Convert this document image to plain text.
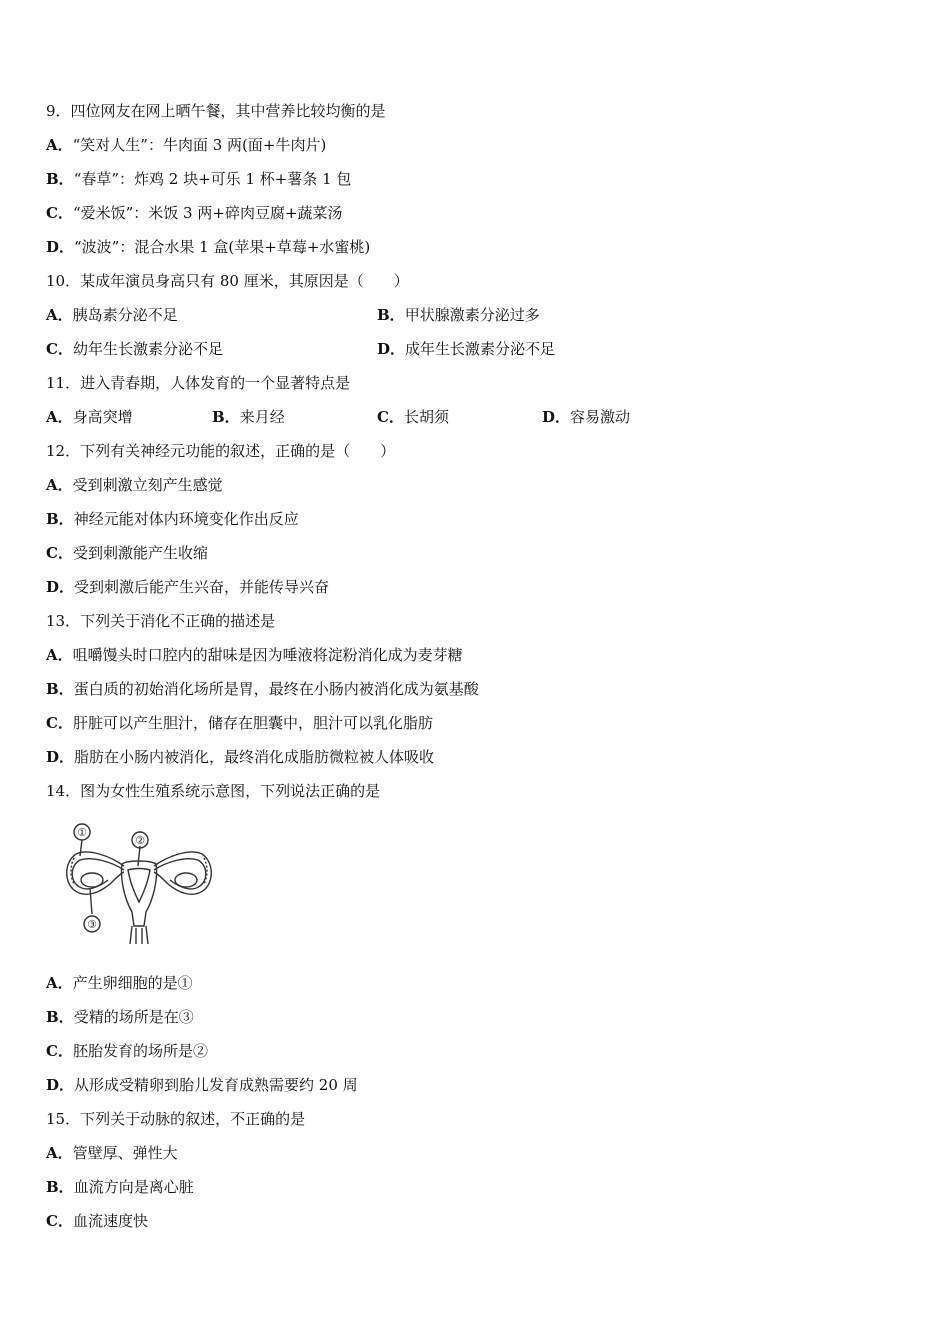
9．四位网友在网上晒午餐，其中营养比较均衡的是
A．“笑对人生”：牛肉面 3 两(面+牛肉片)
B．“春草”：炸鸡 2 块+可乐 1 杯+薯条 1 包
C．“爱米饭”：米饭 3 两+碎肉豆腐+蔬菜汤
D．“波波”：混合水果 1 盒(苹果+草莓+水蜜桃)
10．某成年演员身高只有 80 厘米，其原因是（　　）
A．胰岛素分泌不足	B．甲状腺激素分泌过多
C．幼年生长激素分泌不足	D．成年生长激素分泌不足
11．进入青春期，人体发育的一个显著特点是
A．身高突增	B．来月经	C．长胡须	D．容易激动
12．下列有关神经元功能的叙述，正确的是（　　）
A．受到刺激立刻产生感觉
B．神经元能对体内环境变化作出反应
C．受到刺激能产生收缩
D．受到刺激后能产生兴奋，并能传导兴奋
13．下列关于消化不正确的描述是
A．咀嚼馒头时口腔内的甜味是因为唾液将淀粉消化成为麦芽糖
B．蛋白质的初始消化场所是胃，最终在小肠内被消化成为氨基酸
C．肝脏可以产生胆汁，储存在胆囊中，胆汁可以乳化脂肪
D．脂肪在小肠内被消化，最终消化成脂肪微粒被人体吸收
14．图为女性生殖系统示意图，下列说法正确的是
①
②
③
A．产生卵细胞的是①
B．受精的场所是在③
C．胚胎发育的场所是②
D．从形成受精卵到胎儿发育成熟需要约 20 周
15．下列关于动脉的叙述，不正确的是
A．管壁厚、弹性大
B．血流方向是离心脏
C．血流速度快
